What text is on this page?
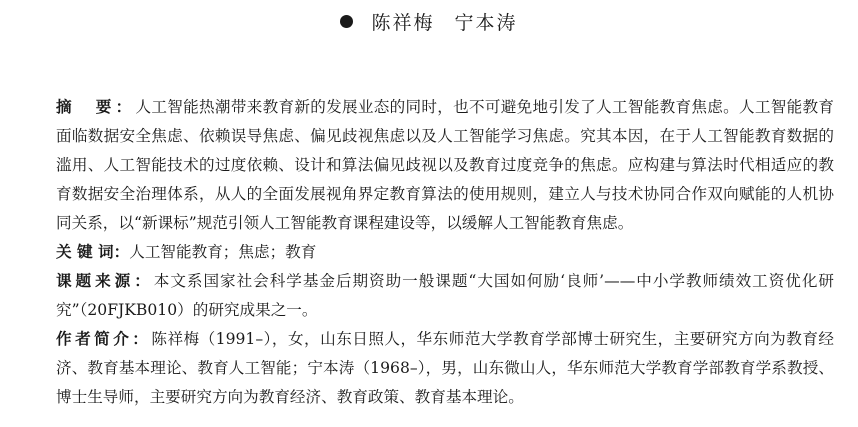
陈祥梅 宁本涛

摘　要：人工智能热潮带来教育新的发展业态的同时，也不可避免地引发了人工智能教育焦虑。人工智能教育面临数据安全焦虑、依赖误导焦虑、偏见歧视焦虑以及人工智能学习焦虑。究其本因，在于人工智能教育数据的滥用、人工智能技术的过度依赖、设计和算法偏见歧视以及教育过度竞争的焦虑。应构建与算法时代相适应的教育数据安全治理体系，从人的全面发展视角界定教育算法的使用规则，建立人与技术协同合作双向赋能的人机协同关系，以“新课标”规范引领人工智能教育课程建设等，以缓解人工智能教育焦虑。

关 键 词：人工智能教育；焦虑；教育

课题来源：本文系国家社会科学基金后期资助一般课题“大国如何励‘良师’——中小学教师绩效工资优化研究”（20FJKB010）的研究成果之一。

作者简介：陈祥梅（1991–），女，山东日照人，华东师范大学教育学部博士研究生，主要研究方向为教育经济、教育基本理论、教育人工智能；宁本涛（1968–），男，山东微山人，华东师范大学教育学部教育学系教授、博士生导师，主要研究方向为教育经济、教育政策、教育基本理论。
